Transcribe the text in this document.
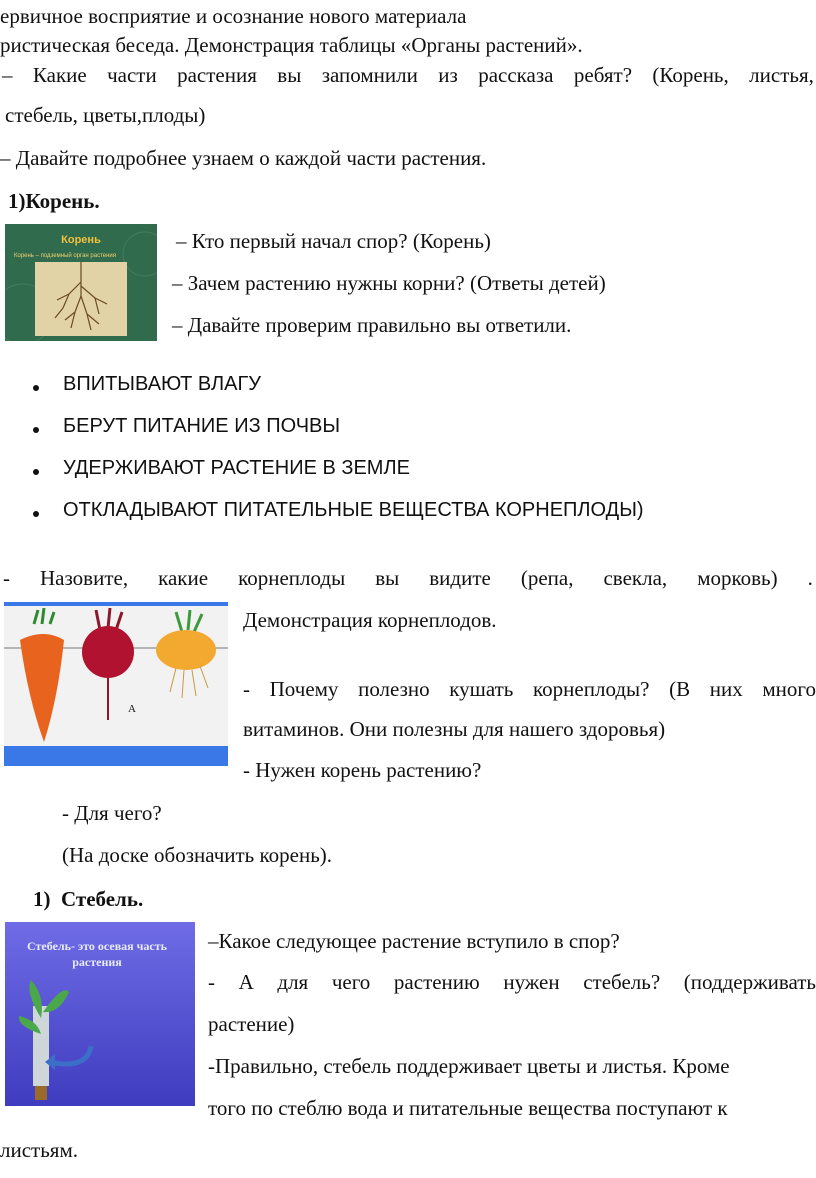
ервичное восприятие и осознание нового материала
ристическая беседа. Демонстрация таблицы «Органы растений».
– Какие части растения вы запомнили из рассказа ребят? (Корень, листья,
стебель, цветы,плоды)
– Давайте подробнее узнаем о каждой части растения.
1)Корень.
Корень
Корень – подземный орган растения
– Кто первый начал спор? (Корень)
– Зачем растению нужны корни? (Ответы детей)
– Давайте проверим правильно вы ответили.
ВПИТЫВАЮТ ВЛАГУ
БЕРУТ ПИТАНИЕ ИЗ ПОЧВЫ
УДЕРЖИВАЮТ РАСТЕНИЕ В ЗЕМЛЕ
ОТКЛАДЫВАЮТ ПИТАТЕЛЬНЫЕ ВЕЩЕСТВА КОРНЕПЛОДЫ)
- Назовите, какие корнеплоды вы видите (репа, свекла, морковь) .
А
Демонстрация корнеплодов.
- Почему полезно кушать корнеплоды? (В них много
витаминов. Они полезны для нашего здоровья)
- Нужен корень растению?
- Для чего?
(На доске обозначить корень).
1)  Стебель.
Стебель- это осевая часть
растения
–Какое следующее растение вступило в спор?
- А для чего растению нужен стебель? (поддерживать
растение)
-Правильно, стебель поддерживает цветы и листья. Кроме
того по стеблю вода и питательные вещества поступают к
листьям.
